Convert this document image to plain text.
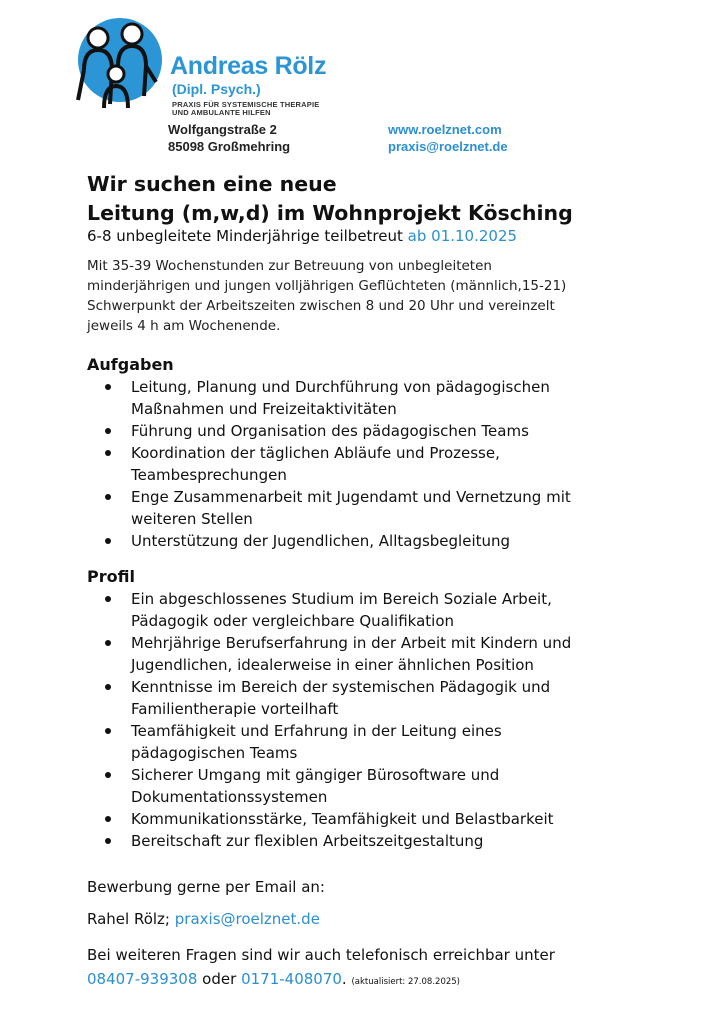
Andreas Rölz
(Dipl. Psych.)
PRAXIS FÜR SYSTEMISCHE THERAPIE
UND AMBULANTE HILFEN
Wolfgangstraße 2
85098 Großmehring
www.roelznet.com
praxis@roelznet.de
Wir suchen eine neue
Leitung (m,w,d) im Wohnprojekt Kösching
6-8 unbegleitete Minderjährige teilbetreut ab 01.10.2025
Mit 35-39 Wochenstunden zur Betreuung von unbegleiteten
minderjährigen und jungen volljährigen Geflüchteten (männlich,15-21)
Schwerpunkt der Arbeitszeiten zwischen 8 und 20 Uhr und vereinzelt
jeweils 4 h am Wochenende.
Aufgaben
Leitung, Planung und Durchführung von pädagogischen
Maßnahmen und Freizeitaktivitäten
Führung und Organisation des pädagogischen Teams
Koordination der täglichen Abläufe und Prozesse,
Teambesprechungen
Enge Zusammenarbeit mit Jugendamt und Vernetzung mit
weiteren Stellen
Unterstützung der Jugendlichen, Alltagsbegleitung
Profil
Ein abgeschlossenes Studium im Bereich Soziale Arbeit,
Pädagogik oder vergleichbare Qualifikation
Mehrjährige Berufserfahrung in der Arbeit mit Kindern und
Jugendlichen, idealerweise in einer ähnlichen Position
Kenntnisse im Bereich der systemischen Pädagogik und
Familientherapie vorteilhaft
Teamfähigkeit und Erfahrung in der Leitung eines
pädagogischen Teams
Sicherer Umgang mit gängiger Bürosoftware und
Dokumentationssystemen
Kommunikationsstärke, Teamfähigkeit und Belastbarkeit
Bereitschaft zur flexiblen Arbeitszeitgestaltung
Bewerbung gerne per Email an:
Rahel Rölz; praxis@roelznet.de
Bei weiteren Fragen sind wir auch telefonisch erreichbar unter
08407-939308 oder 0171-408070. (aktualisiert: 27.08.2025)
